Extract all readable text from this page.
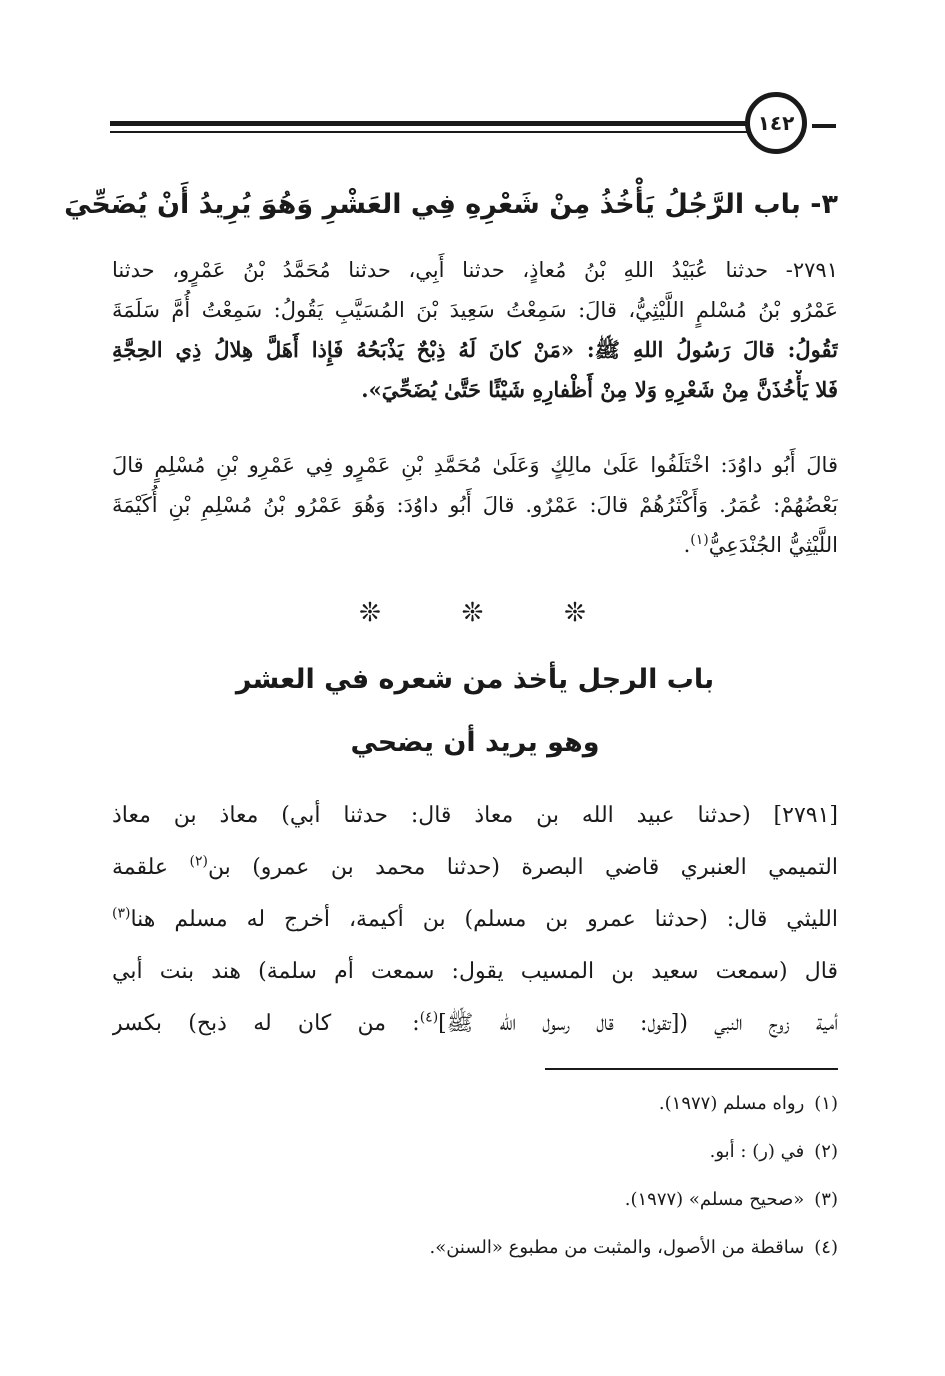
١٤٢
٣- باب الرَّجُلُ يَأْخُذُ مِنْ شَعْرِهِ فِي العَشْرِ وَهُوَ يُرِيدُ أَنْ يُضَحِّيَ
٢٧٩١- حدثنا عُبَيْدُ اللهِ بْنُ مُعاذٍ، حدثنا أَبِي، حدثنا مُحَمَّدُ بْنُ عَمْرٍو، حدثنا
عَمْرُو بْنُ مُسْلمٍ اللَّيْثِيُّ، قالَ: سَمِعْتُ سَعِيدَ بْنَ المُسَيَّبِ يَقُولُ: سَمِعْتُ أُمَّ سَلَمَةَ
تَقُولُ: قالَ رَسُولُ اللهِ ﷺ: «مَنْ كانَ لَهُ ذِبْحٌ يَذْبَحُهُ فَإِذا أَهَلَّ هِلالُ ذِي الحِجَّةِ
فَلا يَأْخُذَنَّ مِنْ شَعْرِهِ وَلا مِنْ أَظْفارِهِ شَيْئًا حَتَّىٰ يُضَحِّيَ».
قالَ أَبُو داوُدَ: اخْتَلَفُوا عَلَىٰ مالِكٍ وَعَلَىٰ مُحَمَّدِ بْنِ عَمْرٍو فِي عَمْرِو بْنِ مُسْلِمٍ قالَ
بَعْضُهُمْ: عُمَرُ. وَأَكْثَرُهُمْ قالَ: عَمْرٌو. قالَ أَبُو داوُدَ: وَهُوَ عَمْرُو بْنُ مُسْلِمِ بْنِ أُكَيْمَةَ
اللَّيْثِيُّ الجُنْدَعِيُّ$^{(١)}$.
❊	❊	❊
باب الرجل يأخذ من شعره في العشر
وهو يريد أن يضحي
[٢٧٩١] (حدثنا عبيد الله بن معاذ قال: حدثنا أبي) معاذ بن معاذ
التميمي العنبري قاضي البصرة (حدثنا محمد بن عمرو) بن$^{(٢)}$ علقمة
الليثي قال: (حدثنا عمرو بن مسلم) بن أكيمة، أخرج له مسلم هنا$^{(٣)}$
قال (سمعت سعيد بن المسيب يقول: سمعت أم سلمة) هند بنت أبي
أمية زوج النبي ([تقول: قال رسول الله ﷺ]$^{(٤)}$: من كان له ذبح) بكسر
(١)رواه مسلم (١٩٧٧).
(٢)في (ر) : أبو.
(٣)«صحيح مسلم» (١٩٧٧).
(٤)ساقطة من الأصول، والمثبت من مطبوع «السنن».
